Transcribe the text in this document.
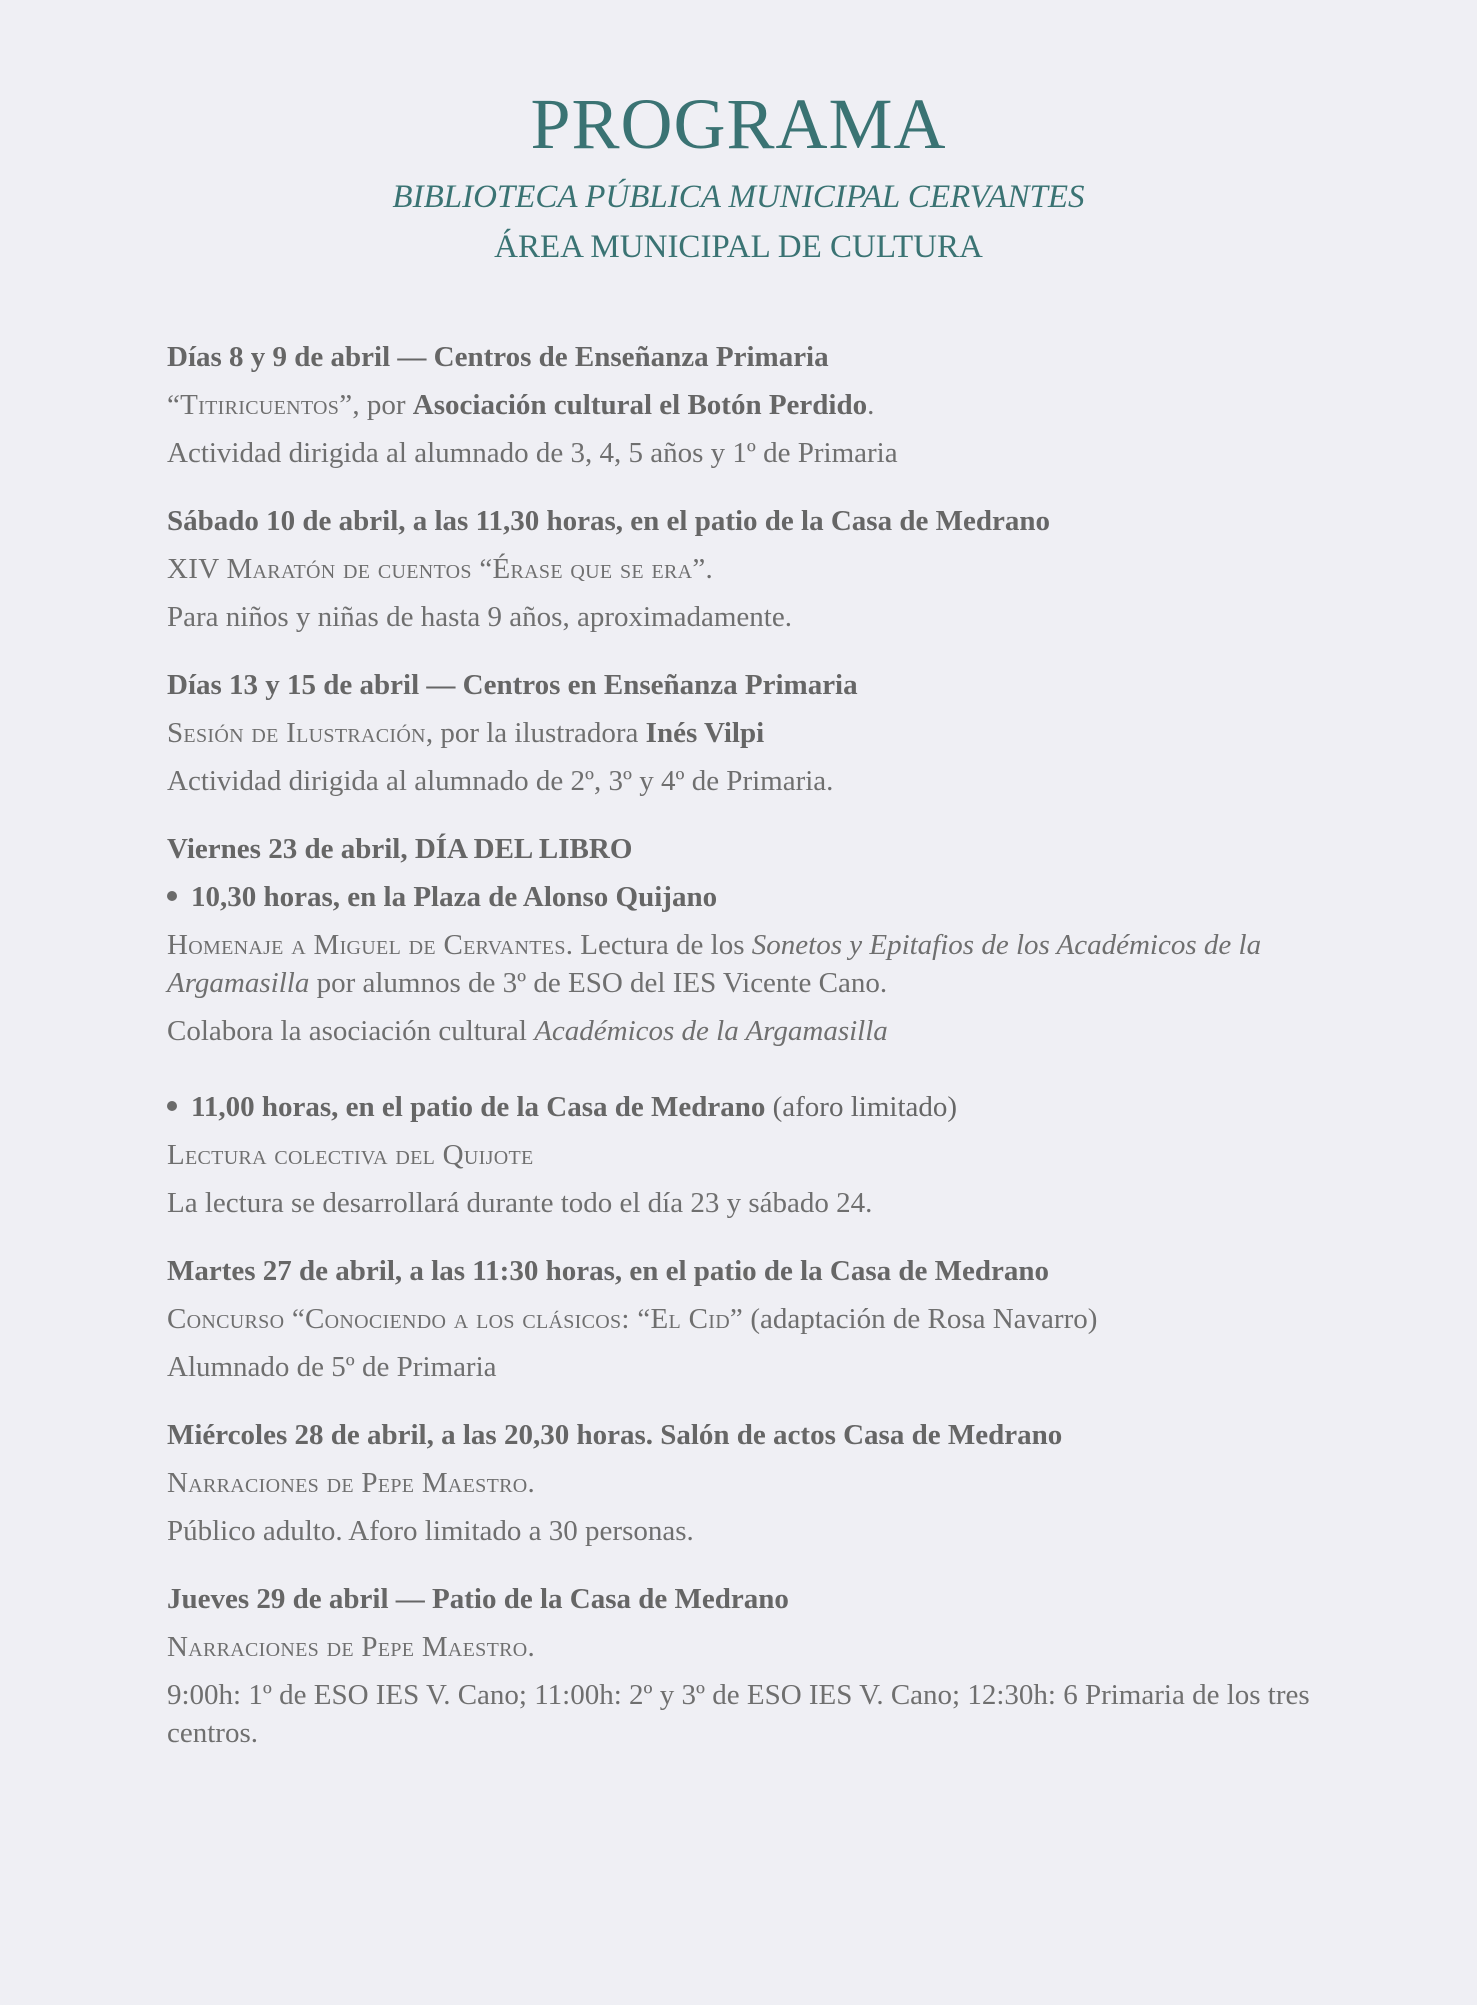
PROGRAMA
BIBLIOTECA PÚBLICA MUNICIPAL CERVANTES
ÁREA MUNICIPAL DE CULTURA
Días 8 y 9 de abril — Centros de Enseñanza Primaria
“Titiricuentos”, por Asociación cultural el Botón Perdido.
Actividad dirigida al alumnado de 3, 4, 5 años y 1º de Primaria
Sábado 10 de abril, a las 11,30 horas, en el patio de la Casa de Medrano
XIV Maratón de cuentos “Érase que se era”.
Para niños y niñas de hasta 9 años, aproximadamente.
Días 13 y 15 de abril — Centros en Enseñanza Primaria
Sesión de Ilustración, por la ilustradora Inés Vilpi
Actividad dirigida al alumnado de 2º, 3º y 4º de Primaria.
Viernes 23 de abril, DÍA DEL LIBRO
10,30 horas, en la Plaza de Alonso Quijano
Homenaje a Miguel de Cervantes. Lectura de los Sonetos y Epitafios de los Académicos de la Argamasilla por alumnos de 3º de ESO del IES Vicente Cano.
Colabora la asociación cultural Académicos de la Argamasilla
11,00 horas, en el patio de la Casa de Medrano (aforo limitado)
Lectura colectiva del Quijote
La lectura se desarrollará durante todo el día 23 y sábado 24.
Martes 27 de abril, a las 11:30 horas, en el patio de la Casa de Medrano
Concurso “Conociendo a los clásicos: “El Cid” (adaptación de Rosa Navarro)
Alumnado de 5º de Primaria
Miércoles 28 de abril, a las 20,30 horas. Salón de actos Casa de Medrano
Narraciones de Pepe Maestro.
Público adulto. Aforo limitado a 30 personas.
Jueves 29 de abril — Patio de la Casa de Medrano
Narraciones de Pepe Maestro.
9:00h: 1º de ESO IES V. Cano; 11:00h: 2º y 3º de ESO IES V. Cano; 12:30h: 6 Primaria de los tres centros.
